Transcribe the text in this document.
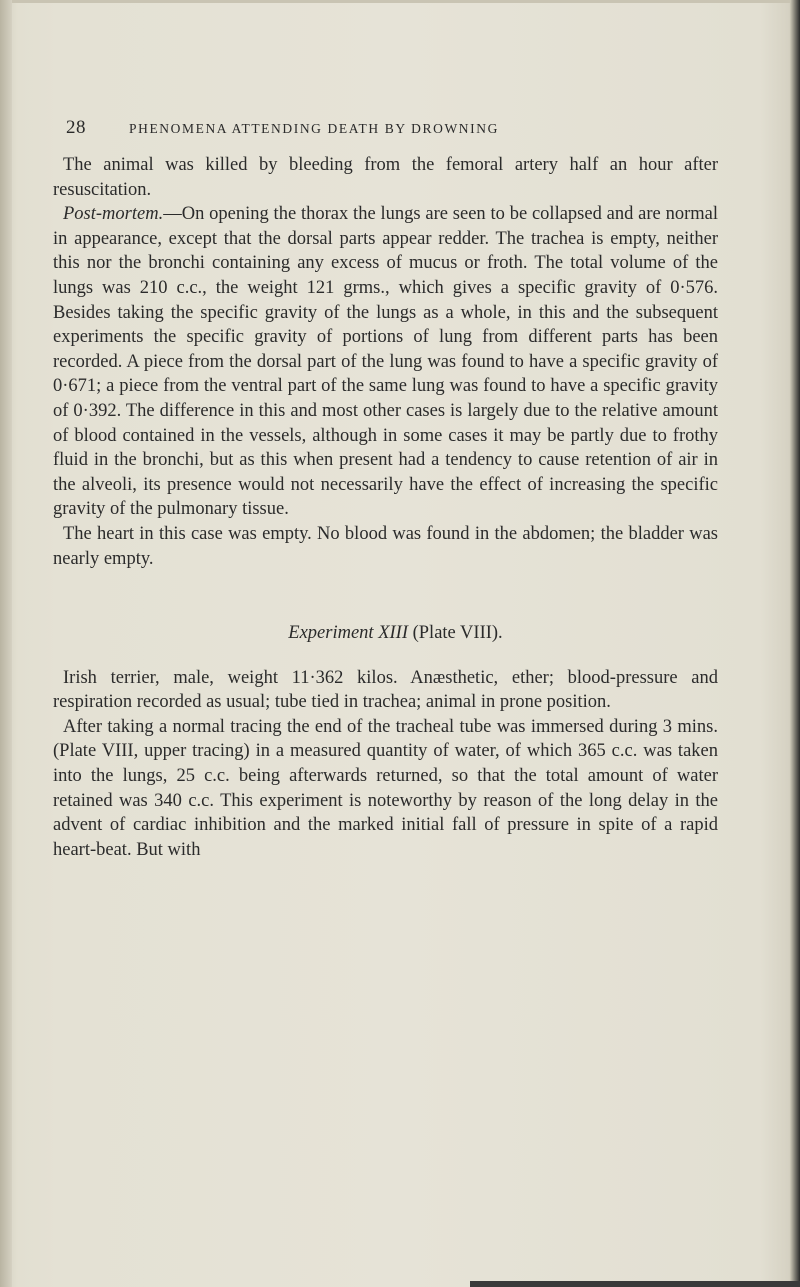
28	PHENOMENA ATTENDING DEATH BY DROWNING

The animal was killed by bleeding from the femoral artery half an hour after resuscitation.

Post-mortem.—On opening the thorax the lungs are seen to be collapsed and are normal in appearance, except that the dorsal parts appear redder. The trachea is empty, neither this nor the bronchi containing any excess of mucus or froth. The total volume of the lungs was 210 c.c., the weight 121 grms., which gives a specific gravity of 0·576. Besides taking the specific gravity of the lungs as a whole, in this and the subsequent experiments the specific gravity of portions of lung from different parts has been recorded. A piece from the dorsal part of the lung was found to have a specific gravity of 0·671; a piece from the ventral part of the same lung was found to have a specific gravity of 0·392. The difference in this and most other cases is largely due to the relative amount of blood contained in the vessels, although in some cases it may be partly due to frothy fluid in the bronchi, but as this when present had a tendency to cause retention of air in the alveoli, its presence would not necessarily have the effect of increasing the specific gravity of the pulmonary tissue.

The heart in this case was empty. No blood was found in the abdomen; the bladder was nearly empty.

Experiment XIII (Plate VIII).

Irish terrier, male, weight 11·362 kilos. Anæsthetic, ether; blood-pressure and respiration recorded as usual; tube tied in trachea; animal in prone position.

After taking a normal tracing the end of the tracheal tube was immersed during 3 mins. (Plate VIII, upper tracing) in a measured quantity of water, of which 365 c.c. was taken into the lungs, 25 c.c. being afterwards returned, so that the total amount of water retained was 340 c.c. This experiment is noteworthy by reason of the long delay in the advent of cardiac inhibition and the marked initial fall of pressure in spite of a rapid heart-beat. But with
